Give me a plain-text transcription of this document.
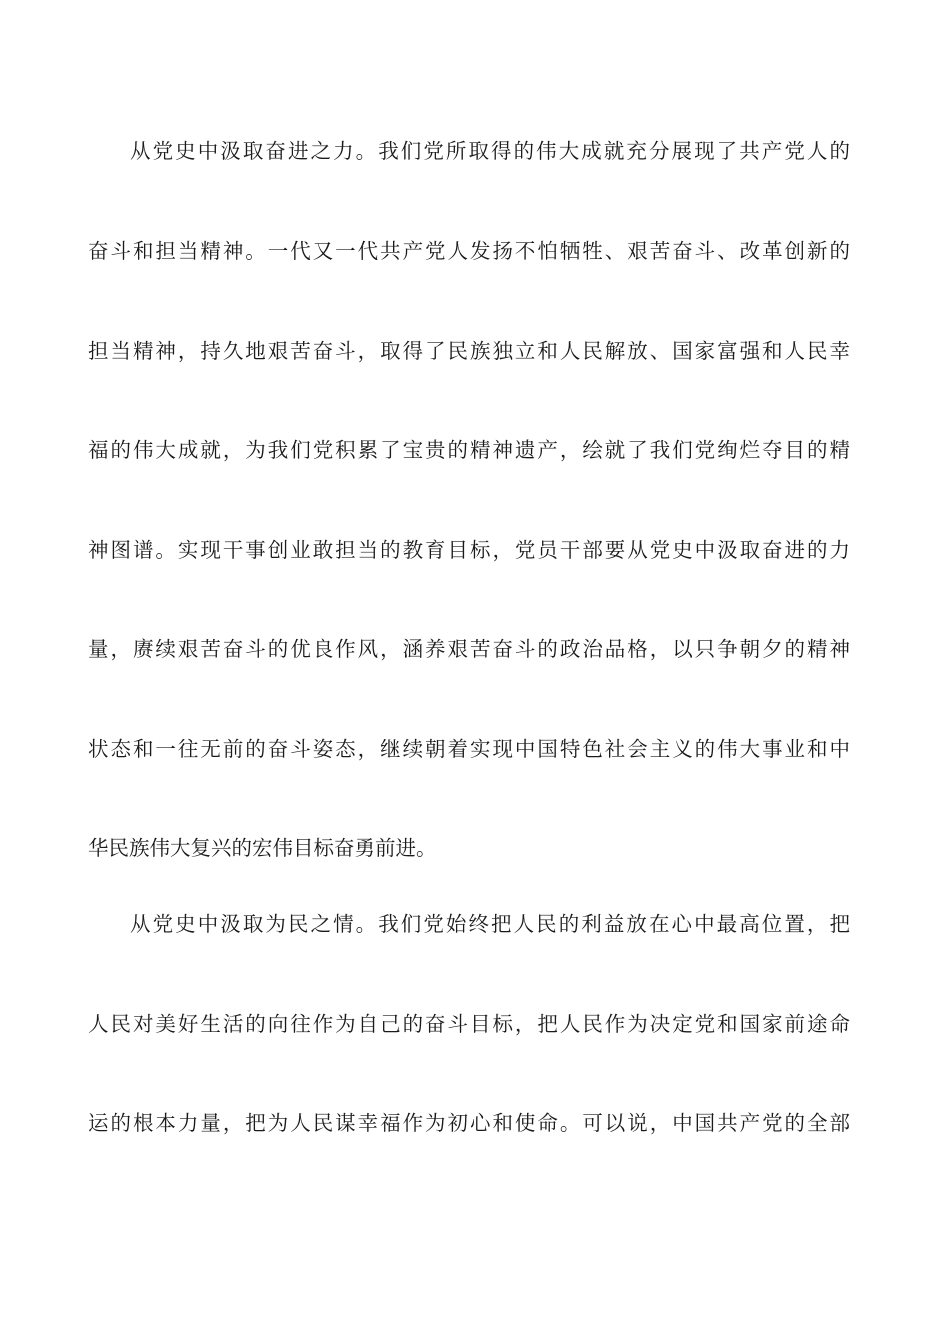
从党史中汲取奋进之力。我们党所取得的伟大成就充分展现了共产党人的

奋斗和担当精神。一代又一代共产党人发扬不怕牺牲、艰苦奋斗、改革创新的

担当精神，持久地艰苦奋斗，取得了民族独立和人民解放、国家富强和人民幸

福的伟大成就，为我们党积累了宝贵的精神遗产，绘就了我们党绚烂夺目的精

神图谱。实现干事创业敢担当的教育目标，党员干部要从党史中汲取奋进的力

量，赓续艰苦奋斗的优良作风，涵养艰苦奋斗的政治品格，以只争朝夕的精神

状态和一往无前的奋斗姿态，继续朝着实现中国特色社会主义的伟大事业和中

华民族伟大复兴的宏伟目标奋勇前进。

从党史中汲取为民之情。我们党始终把人民的利益放在心中最高位置，把

人民对美好生活的向往作为自己的奋斗目标，把人民作为决定党和国家前途命

运的根本力量，把为人民谋幸福作为初心和使命。可以说，中国共产党的全部
